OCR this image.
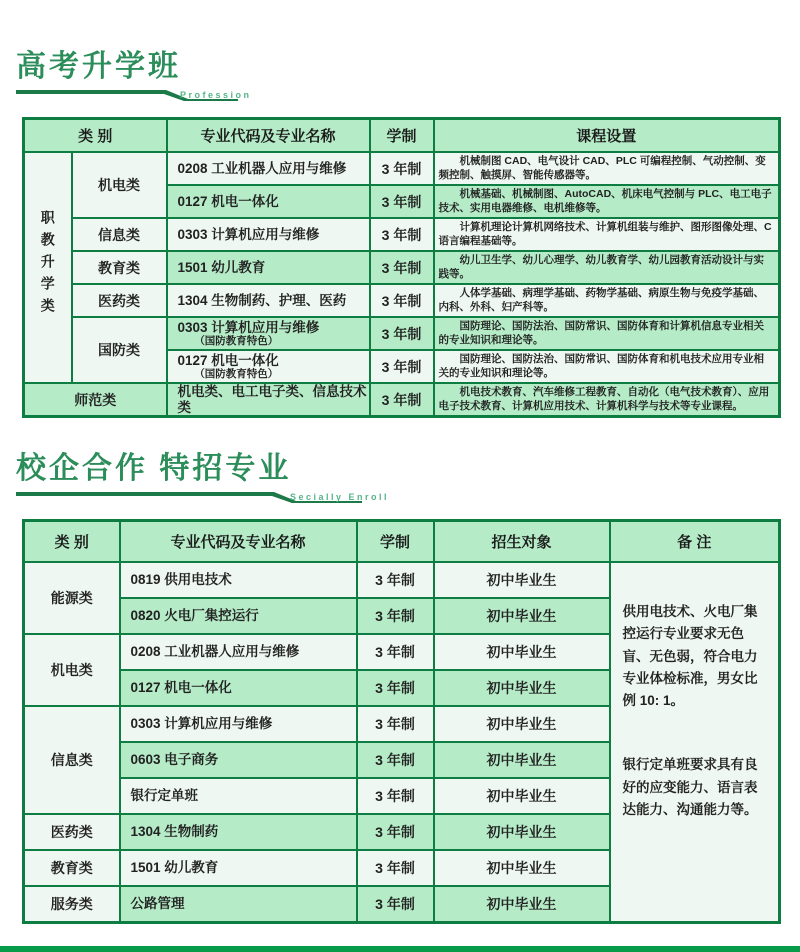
高考升学班
Profession
类 别		专业代码及专业名称	学制	课程设置
职教升学类	机电类	0208 工业机器人应用与维修	3 年制	机械制图 CAD、电气设计 CAD、PLC 可编程控制、气动控制、变频控制、触摸屏、智能传感器等。

		0127 机电一体化	3 年制	机械基础、机械制图、AutoCAD、机床电气控制与 PLC、电工电子技术、实用电器维修、电机维修等。

	信息类	0303 计算机应用与维修	3 年制	计算机理论计算机网络技术、计算机组装与维护、图形图像处理、C 语言编程基础等。

	教育类	1501 幼儿教育	3 年制	幼儿卫生学、幼儿心理学、幼儿教育学、幼儿园教育活动设计与实践等。

	医药类	1304 生物制药、护理、医药	3 年制	人体学基础、病理学基础、药物学基础、病原生物与免疫学基础、内科、外科、妇产科等。

	国防类	0303 计算机应用与维修
（国防教育特色）	3 年制	国防理论、国防法治、国防常识、国防体育和计算机信息专业相关的专业知识和理论等。

		0127 机电一体化
（国防教育特色）	3 年制	国防理论、国防法治、国防常识、国防体育和机电技术应用专业相关的专业知识和理论等。

师范类		机电类、电工电子类、信息技术类	3 年制	机电技术教育、汽车维修工程教育、自动化（电气技术教育）、应用电子技术教育、计算机应用技术、计算机科学与技术等专业课程。
校企合作 特招专业
Secially Enroll
类 别	专业代码及专业名称	学制	招生对象	备 注
能源类	0819 供用电技术	3 年制	初中毕业生	供用电技术、火电厂集控运行专业要求无色盲、无色弱，符合电力专业体检标准，男女比例 10: 1。
银行定单班要求具有良好的应变能力、语言表达能力、沟通能力等。

	0820 火电厂集控运行	3 年制	初中毕业生	
机电类	0208 工业机器人应用与维修	3 年制	初中毕业生	
	0127 机电一体化	3 年制	初中毕业生	
信息类	0303 计算机应用与维修	3 年制	初中毕业生	
	0603 电子商务	3 年制	初中毕业生	
	银行定单班	3 年制	初中毕业生	
医药类	1304 生物制药	3 年制	初中毕业生	
教育类	1501 幼儿教育	3 年制	初中毕业生	
服务类	公路管理	3 年制	初中毕业生	
